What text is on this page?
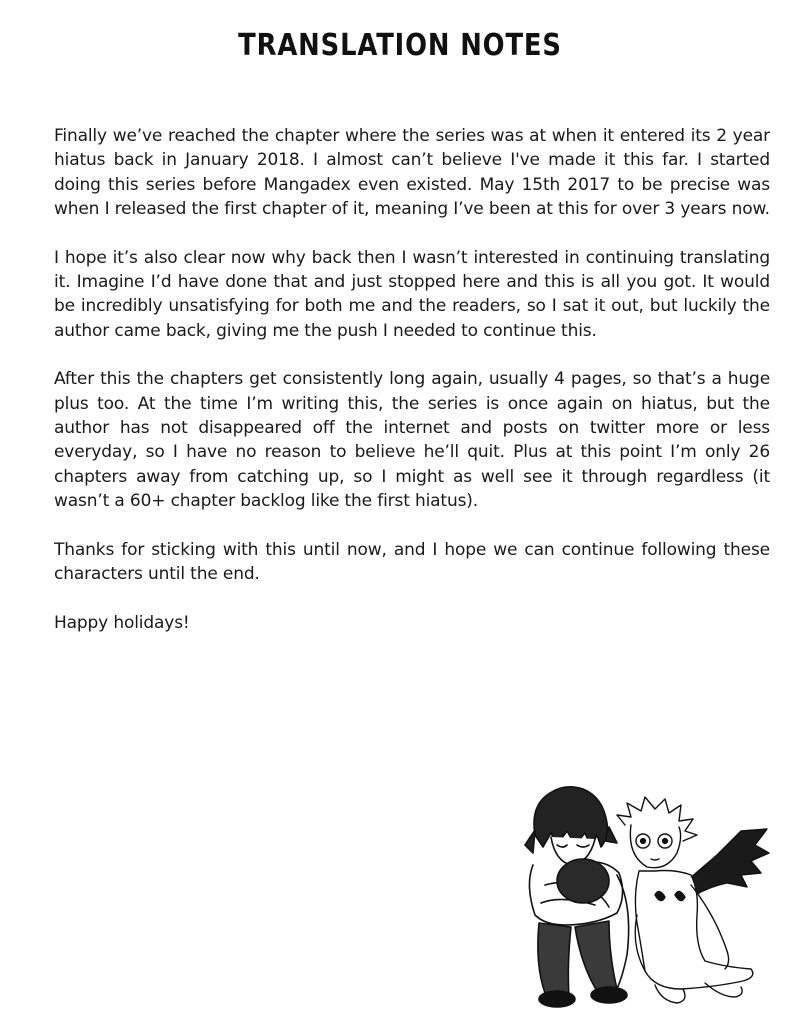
TRANSLATION NOTES

Finally we’ve reached the chapter where the series was at when it entered its 2 year hiatus back in January 2018. I almost can’t believe I've made it this far. I started doing this series before Mangadex even existed. May 15th 2017 to be precise was when I released the first chapter of it, meaning I’ve been at this for over 3 years now.

I hope it’s also clear now why back then I wasn’t interested in continuing translating it. Imagine I’d have done that and just stopped here and this is all you got. It would be incredibly unsatisfying for both me and the readers, so I sat it out, but luckily the author came back, giving me the push I needed to continue this.

After this the chapters get consistently long again, usually 4 pages, so that’s a huge plus too. At the time I’m writing this, the series is once again on hiatus, but the author has not disappeared off the internet and posts on twitter more or less everyday, so I have no reason to believe he’ll quit. Plus at this point I’m only 26 chapters away from catching up, so I might as well see it through regardless (it wasn’t a 60+ chapter backlog like the first hiatus).

Thanks for sticking with this until now, and I hope we can continue following these characters until the end.

Happy holidays!
